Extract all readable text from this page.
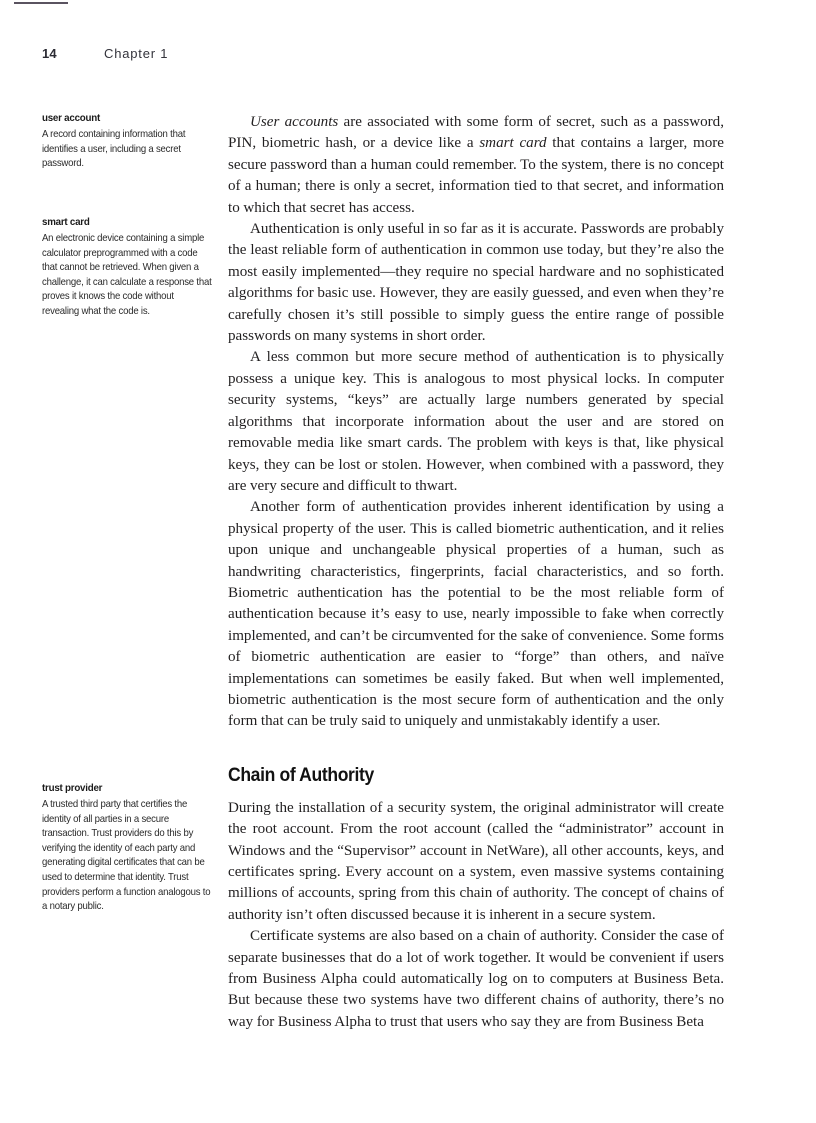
14	Chapter 1

user account

A record containing information that identifies a user, including a secret password.

smart card

An electronic device containing a simple calculator preprogrammed with a code that cannot be retrieved. When given a challenge, it can calculate a response that proves it knows the code without revealing what the code is.

trust provider

A trusted third party that certifies the identity of all parties in a secure transaction. Trust providers do this by verifying the identity of each party and generating digital certificates that can be used to determine that identity. Trust providers perform a function analogous to a notary public.

User accounts are associated with some form of secret, such as a password, PIN, biometric hash, or a device like a smart card that contains a larger, more secure password than a human could remember. To the system, there is no concept of a human; there is only a secret, information tied to that secret, and information to which that secret has access.

Authentication is only useful in so far as it is accurate. Passwords are probably the least reliable form of authentication in common use today, but they’re also the most easily implemented—they require no special hardware and no sophisticated algorithms for basic use. However, they are easily guessed, and even when they’re carefully chosen it’s still possible to simply guess the entire range of possible passwords on many systems in short order.

A less common but more secure method of authentication is to physically possess a unique key. This is analogous to most physical locks. In computer security systems, “keys” are actually large numbers generated by special algorithms that incorporate information about the user and are stored on removable media like smart cards. The problem with keys is that, like physical keys, they can be lost or stolen. However, when combined with a password, they are very secure and difficult to thwart.

Another form of authentication provides inherent identification by using a physical property of the user. This is called biometric authentication, and it relies upon unique and unchangeable physical properties of a human, such as handwriting characteristics, fingerprints, facial characteristics, and so forth. Biometric authentication has the potential to be the most reliable form of authentication because it’s easy to use, nearly impossible to fake when correctly implemented, and can’t be circumvented for the sake of convenience. Some forms of biometric authentication are easier to “forge” than others, and naïve implementations can sometimes be easily faked. But when well implemented, biometric authentication is the most secure form of authentication and the only form that can be truly said to uniquely and unmistakably identify a user.

Chain of Authority

During the installation of a security system, the original administrator will create the root account. From the root account (called the “administrator” account in Windows and the “Supervisor” account in NetWare), all other accounts, keys, and certificates spring. Every account on a system, even massive systems containing millions of accounts, spring from this chain of authority. The concept of chains of authority isn’t often discussed because it is inherent in a secure system.

Certificate systems are also based on a chain of authority. Consider the case of separate businesses that do a lot of work together. It would be convenient if users from Business Alpha could automatically log on to computers at Business Beta. But because these two systems have two different chains of authority, there’s no way for Business Alpha to trust that users who say they are from Business Beta
